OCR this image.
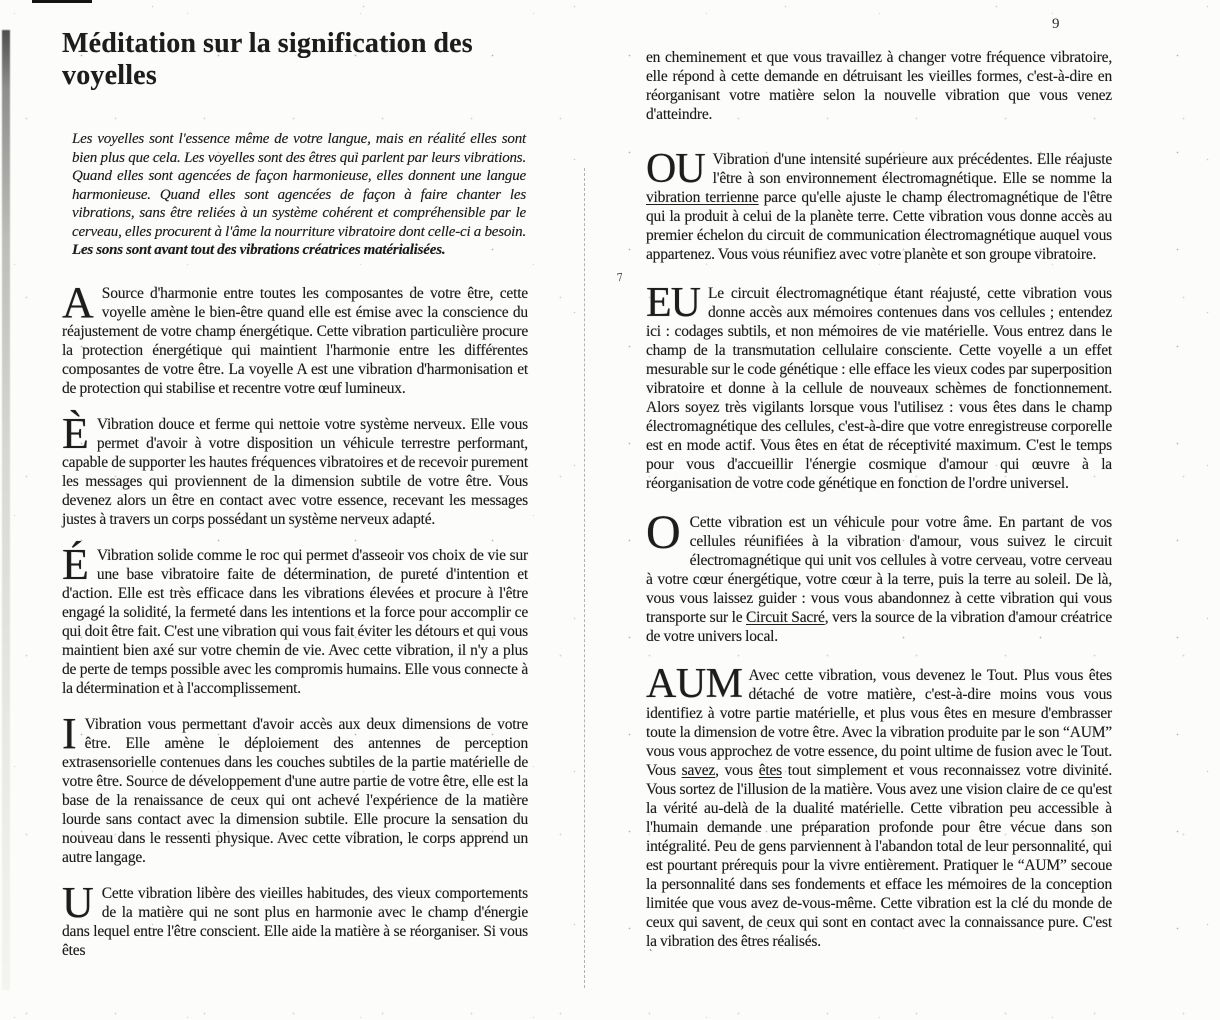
7
`
9
Méditation sur la signification des voyelles

Les voyelles sont l'essence même de votre langue, mais en réalité elles sont bien plus que cela. Les voyelles sont des êtres qui parlent par leurs vibrations. Quand elles sont agencées de façon harmonieuse, elles donnent une langue harmonieuse. Quand elles sont agencées de façon à faire chanter les vibrations, sans être reliées à un système cohérent et compréhensible par le cerveau, elles procurent à l'âme la nourriture vibratoire dont celle-ci a besoin. Les sons sont avant tout des vibrations créatrices matérialisées.

A Source d'harmonie entre toutes les composantes de votre être, cette voyelle amène le bien-être quand elle est émise avec la conscience du réajustement de votre champ énergétique. Cette vibration particulière procure la protection énergétique qui maintient l'harmonie entre les différentes composantes de votre être. La voyelle A est une vibration d'harmonisation et de protection qui stabilise et recentre votre œuf lumineux.
È Vibration douce et ferme qui nettoie votre système nerveux. Elle vous permet d'avoir à votre disposition un véhicule terrestre performant, capable de supporter les hautes fréquences vibratoires et de recevoir purement les messages qui proviennent de la dimension subtile de votre être. Vous devenez alors un être en contact avec votre essence, recevant les messages justes à travers un corps possédant un système nerveux adapté.
É Vibration solide comme le roc qui permet d'asseoir vos choix de vie sur une base vibratoire faite de détermination, de pureté d'intention et d'action. Elle est très efficace dans les vibrations élevées et procure à l'être engagé la solidité, la fermeté dans les intentions et la force pour accomplir ce qui doit être fait. C'est une vibration qui vous fait éviter les détours et qui vous maintient bien axé sur votre chemin de vie. Avec cette vibration, il n'y a plus de perte de temps possible avec les compromis humains. Elle vous connecte à la détermination et à l'accomplissement.
I Vibration vous permettant d'avoir accès aux deux dimensions de votre être. Elle amène le déploiement des antennes de perception extrasensorielle contenues dans les couches subtiles de la partie matérielle de votre être. Source de développement d'une autre partie de votre être, elle est la base de la renaissance de ceux qui ont achevé l'expérience de la matière lourde sans contact avec la dimension subtile. Elle procure la sensation du nouveau dans le ressenti physique. Avec cette vibration, le corps apprend un autre langage.
U Cette vibration libère des vieilles habitudes, des vieux comportements de la matière qui ne sont plus en harmonie avec le champ d'énergie dans lequel entre l'être conscient. Elle aide la matière à se réorganiser. Si vous êtes

en cheminement et que vous travaillez à changer votre fréquence vibratoire, elle répond à cette demande en détruisant les vieilles formes, c'est-à-dire en réorganisant votre matière selon la nouvelle vibration que vous venez d'atteindre.

OU Vibration d'une intensité supérieure aux précédentes. Elle réajuste l'être à son environnement électromagnétique. Elle se nomme la vibration terrienne parce qu'elle ajuste le champ électromagnétique de l'être qui la produit à celui de la planète terre. Cette vibration vous donne accès au premier échelon du circuit de communication électromagnétique auquel vous appartenez. Vous vous réunifiez avec votre planète et son groupe vibratoire.
EU Le circuit électromagnétique étant réajusté, cette vibration vous donne accès aux mémoires contenues dans vos cellules ; entendez ici : codages subtils, et non mémoires de vie matérielle. Vous entrez dans le champ de la transmutation cellulaire consciente. Cette voyelle a un effet mesurable sur le code génétique : elle efface les vieux codes par superposition vibratoire et donne à la cellule de nouveaux schèmes de fonctionnement. Alors soyez très vigilants lorsque vous l'utilisez : vous êtes dans le champ électromagnétique des cellules, c'est-à-dire que votre enregistreuse corporelle est en mode actif. Vous êtes en état de réceptivité maximum. C'est le temps pour vous d'accueillir l'énergie cosmique d'amour qui œuvre à la réorganisation de votre code génétique en fonction de l'ordre universel.
O Cette vibration est un véhicule pour votre âme. En partant de vos cellules réunifiées à la vibration d'amour, vous suivez le circuit électromagnétique qui unit vos cellules à votre cerveau, votre cerveau à votre cœur énergétique, votre cœur à la terre, puis la terre au soleil. De là, vous vous laissez guider : vous vous abandonnez à cette vibration qui vous transporte sur le Circuit Sacré, vers la source de la vibration d'amour créatrice de votre univers local.
AUM Avec cette vibration, vous devenez le Tout. Plus vous êtes détaché de votre matière, c'est-à-dire moins vous vous identifiez à votre partie matérielle, et plus vous êtes en mesure d'embrasser toute la dimension de votre être. Avec la vibration produite par le son “AUM” vous vous approchez de votre essence, du point ultime de fusion avec le Tout. Vous savez, vous êtes tout simplement et vous reconnaissez votre divinité. Vous sortez de l'illusion de la matière. Vous avez une vision claire de ce qu'est la vérité au-delà de la dualité matérielle. Cette vibration peu accessible à l'humain demande une préparation profonde pour être vécue dans son intégralité. Peu de gens parviennent à l'abandon total de leur personnalité, qui est pourtant prérequis pour la vivre entièrement. Pratiquer le “AUM” secoue la personnalité dans ses fondements et efface les mémoires de la conception limitée que vous avez de-vous-même. Cette vibration est la clé du monde de ceux qui savent, de ceux qui sont en contact avec la connaissance pure. C'est la vibration des êtres réalisés.
